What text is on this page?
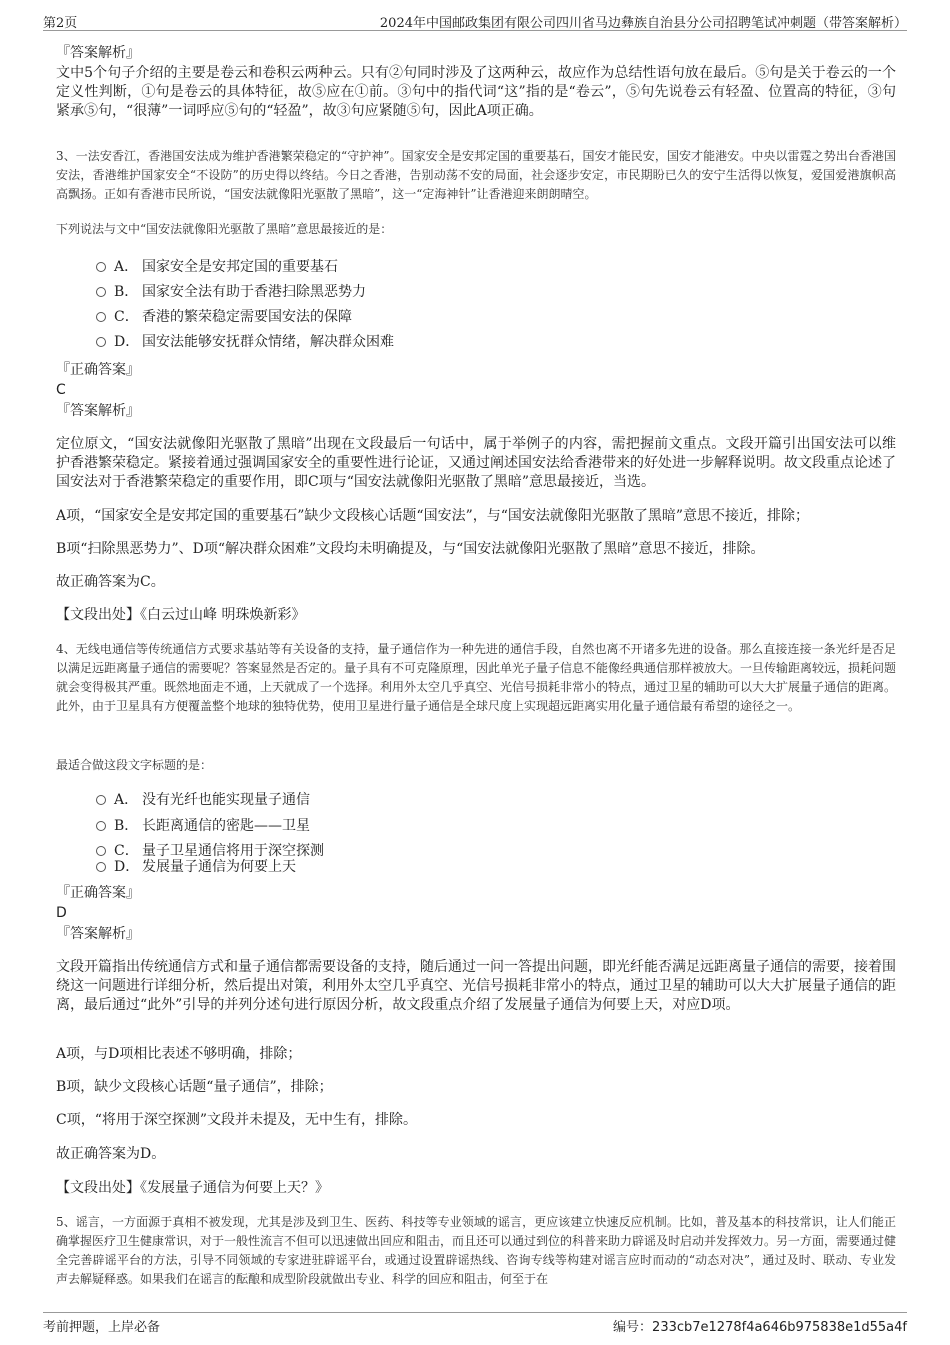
第2页	2024年中国邮政集团有限公司四川省马边彝族自治县分公司招聘笔试冲刺题（带答案解析）
『答案解析』
文中5个句子介绍的主要是卷云和卷积云两种云。只有②句同时涉及了这两种云，故应作为总结性语句放在最后。⑤句是关于卷云的一个定义性判断，①句是卷云的具体特征，故⑤应在①前。③句中的指代词“这”指的是“卷云”，⑤句先说卷云有轻盈、位置高的特征，③句紧承⑤句，“很薄”一词呼应⑤句的“轻盈”，故③句应紧随⑤句，因此A项正确。
3、一法安香江，香港国安法成为维护香港繁荣稳定的“守护神”。国家安全是安邦定国的重要基石，国安才能民安，国安才能港安。中央以雷霆之势出台香港国安法，香港维护国家安全“不设防”的历史得以终结。今日之香港，告别动荡不安的局面，社会逐步安定，市民期盼已久的安宁生活得以恢复，爱国爱港旗帜高高飘扬。正如有香港市民所说，“国安法就像阳光驱散了黑暗”，这一“定海神针”让香港迎来朗朗晴空。
下列说法与文中“国安法就像阳光驱散了黑暗”意思最接近的是：
A． 国家安全是安邦定国的重要基石
B． 国家安全法有助于香港扫除黑恶势力
C． 香港的繁荣稳定需要国安法的保障
D． 国安法能够安抚群众情绪，解决群众困难
『正确答案』
C
『答案解析』
定位原文，“国安法就像阳光驱散了黑暗”出现在文段最后一句话中，属于举例子的内容，需把握前文重点。文段开篇引出国安法可以维护香港繁荣稳定。紧接着通过强调国家安全的重要性进行论证，又通过阐述国安法给香港带来的好处进一步解释说明。故文段重点论述了国安法对于香港繁荣稳定的重要作用，即C项与“国安法就像阳光驱散了黑暗”意思最接近，当选。
A项，“国家安全是安邦定国的重要基石”缺少文段核心话题“国安法”，与“国安法就像阳光驱散了黑暗”意思不接近，排除；
B项“扫除黑恶势力”、D项“解决群众困难”文段均未明确提及，与“国安法就像阳光驱散了黑暗”意思不接近，排除。
故正确答案为C。
【文段出处】《白云过山峰 明珠焕新彩》
4、无线电通信等传统通信方式要求基站等有关设备的支持，量子通信作为一种先进的通信手段，自然也离不开诸多先进的设备。那么直接连接一条光纤是否足以满足远距离量子通信的需要呢？答案显然是否定的。量子具有不可克隆原理，因此单光子量子信息不能像经典通信那样被放大。一旦传输距离较远，损耗问题就会变得极其严重。既然地面走不通，上天就成了一个选择。利用外太空几乎真空、光信号损耗非常小的特点，通过卫星的辅助可以大大扩展量子通信的距离。此外，由于卫星具有方便覆盖整个地球的独特优势，使用卫星进行量子通信是全球尺度上实现超远距离实用化量子通信最有希望的途径之一。
最适合做这段文字标题的是：
A． 没有光纤也能实现量子通信
B． 长距离通信的密匙——卫星
C． 量子卫星通信将用于深空探测
D． 发展量子通信为何要上天
『正确答案』
D
『答案解析』
文段开篇指出传统通信方式和量子通信都需要设备的支持，随后通过一问一答提出问题，即光纤能否满足远距离量子通信的需要，接着围绕这一问题进行详细分析，然后提出对策，利用外太空几乎真空、光信号损耗非常小的特点，通过卫星的辅助可以大大扩展量子通信的距离，最后通过“此外”引导的并列分述句进行原因分析，故文段重点介绍了发展量子通信为何要上天，对应D项。
A项，与D项相比表述不够明确，排除；
B项，缺少文段核心话题“量子通信”，排除；
C项，“将用于深空探测”文段并未提及，无中生有，排除。
故正确答案为D。
【文段出处】《发展量子通信为何要上天？》
5、谣言，一方面源于真相不被发现，尤其是涉及到卫生、医药、科技等专业领域的谣言，更应该建立快速反应机制。比如，普及基本的科技常识，让人们能正确掌握医疗卫生健康常识，对于一般性流言不但可以迅速做出回应和阻击，而且还可以通过到位的科普来助力辟谣及时启动并发挥效力。另一方面，需要通过健全完善辟谣平台的方法，引导不同领域的专家进驻辟谣平台，或通过设置辟谣热线、咨询专线等构建对谣言应时而动的“动态对决”，通过及时、联动、专业发声去解疑释惑。如果我们在谣言的酝酿和成型阶段就做出专业、科学的回应和阻击，何至于在
考前押题，上岸必备	编号：233cb7e1278f4a646b975838e1d55a4f
